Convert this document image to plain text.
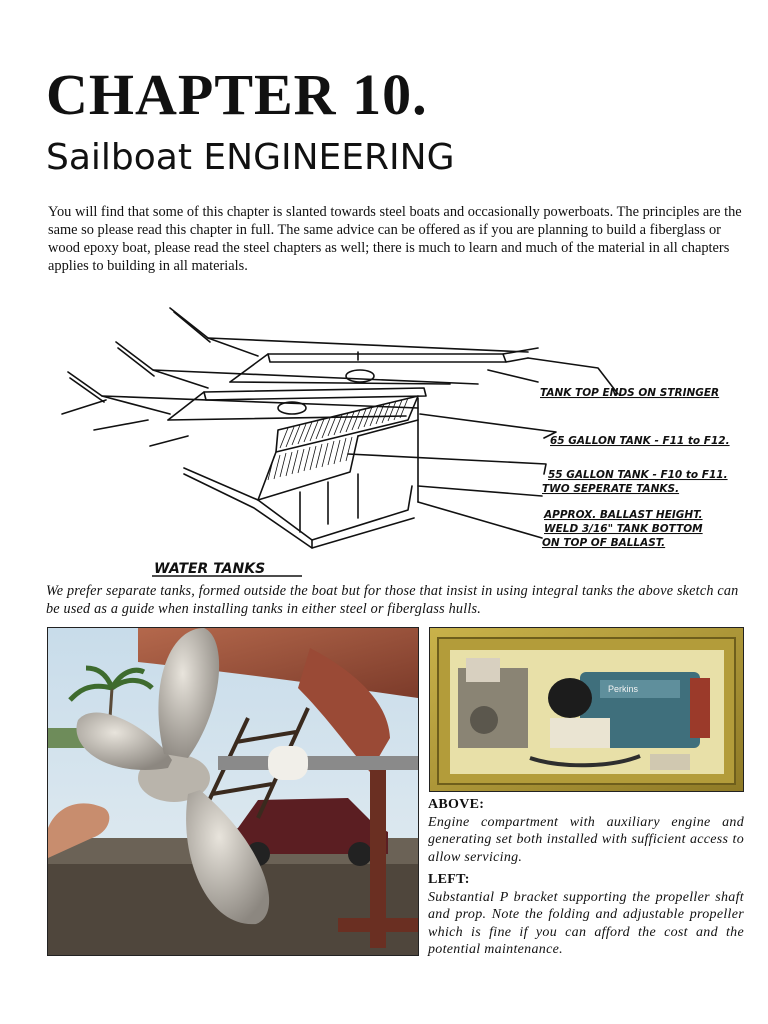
CHAPTER 10.
Sailboat ENGINEERING

You will find that some of this chapter is slanted towards steel boats and occasionally powerboats. The principles are the same so please read this chapter in full. The same advice can be offered as if you are planning to build a fiberglass or wood epoxy boat, please read the steel chapters as well; there is much to learn and much of the material in all chapters applies to building in all materials.

TANK TOP ENDS ON STRINGER
65 GALLON TANK - F11 to F12.
55 GALLON TANK - F10 to F11.
TWO SEPERATE TANKS.
APPROX. BALLAST HEIGHT.
WELD 3/16" TANK BOTTOM
ON TOP OF BALLAST.
WATER TANKS

We prefer separate tanks, formed outside the boat but for those that insist in using integral tanks the above sketch can be used as a guide when installing tanks in either steel or fiberglass hulls.

Perkins

ABOVE:
Engine compartment with auxiliary engine and generating set both installed with sufficient access to allow servicing.

LEFT:
Substantial P bracket supporting the propeller shaft and prop. Note the folding and adjustable propeller which is fine if you can afford the cost and the potential maintenance.
